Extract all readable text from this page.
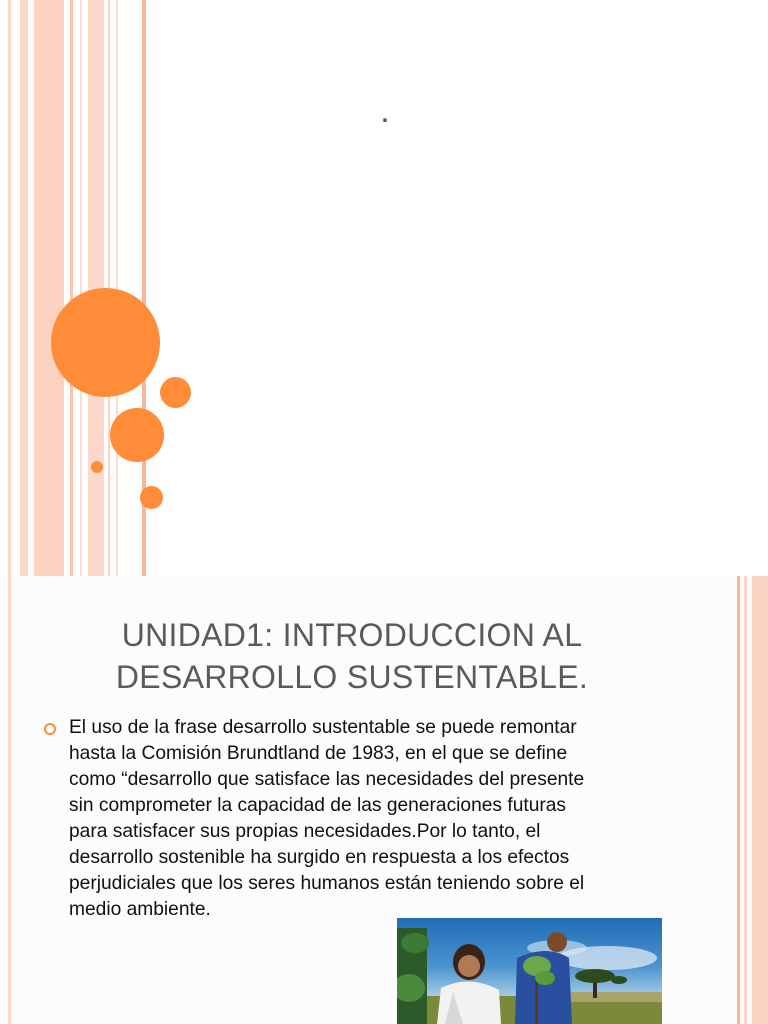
.
UNIDAD1: INTRODUCCION AL
DESARROLLO SUSTENTABLE.
El uso de la frase desarrollo sustentable se puede remontar
hasta la Comisión Brundtland de 1983, en el que se define
como “desarrollo que satisface las necesidades del presente
sin comprometer la capacidad de las generaciones futuras
para satisfacer sus propias necesidades.Por lo tanto, el
desarrollo sostenible ha surgido en respuesta a los efectos
perjudiciales que los seres humanos están teniendo sobre el
medio ambiente.
